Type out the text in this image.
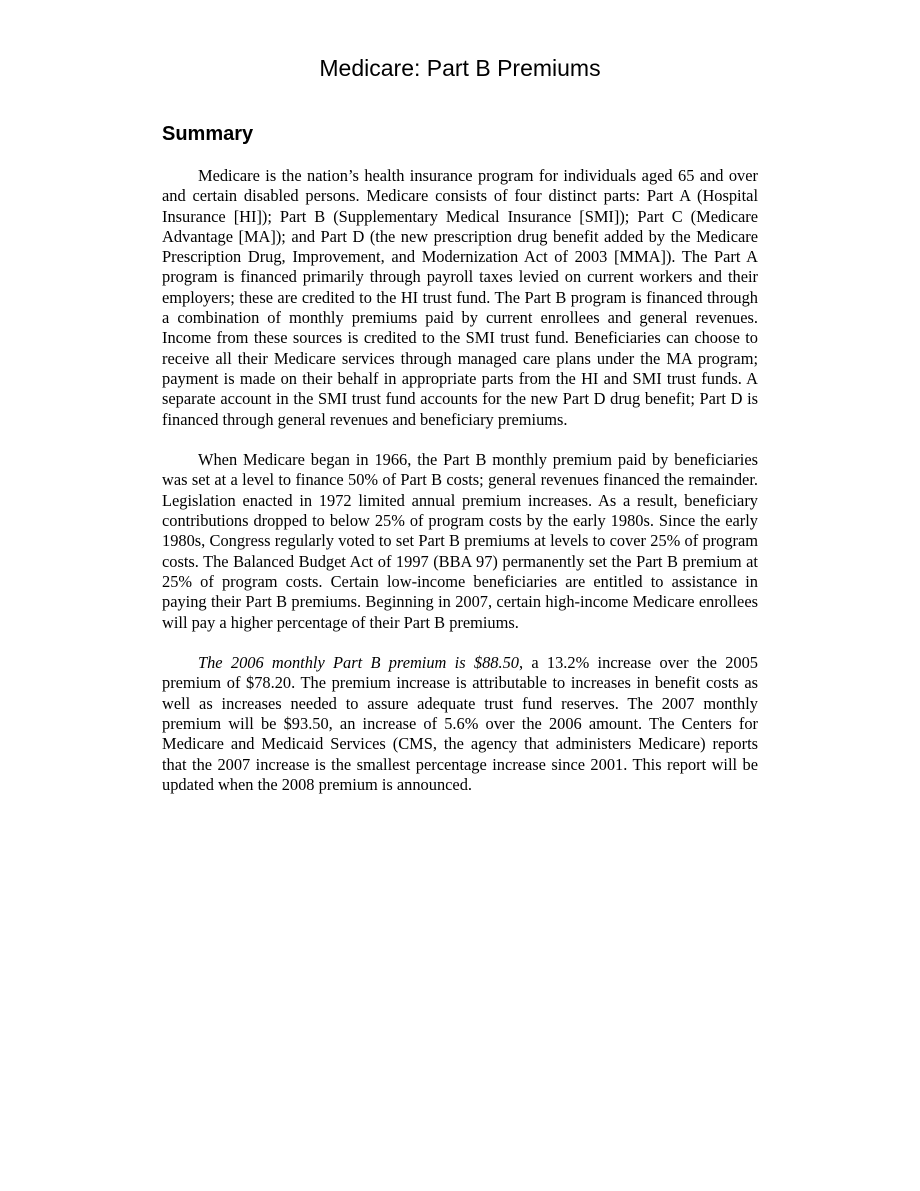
Medicare: Part B Premiums
Summary

Medicare is the nation’s health insurance program for individuals aged 65 and over and certain disabled persons. Medicare consists of four distinct parts: Part A (Hospital Insurance [HI]); Part B (Supplementary Medical Insurance [SMI]); Part C (Medicare Advantage [MA]); and Part D (the new prescription drug benefit added by the Medicare Prescription Drug, Improvement, and Modernization Act of 2003 [MMA]). The Part A program is financed primarily through payroll taxes levied on current workers and their employers; these are credited to the HI trust fund. The Part B program is financed through a combination of monthly premiums paid by current enrollees and general revenues. Income from these sources is credited to the SMI trust fund. Beneficiaries can choose to receive all their Medicare services through managed care plans under the MA program; payment is made on their behalf in appropriate parts from the HI and SMI trust funds. A separate account in the SMI trust fund accounts for the new Part D drug benefit; Part D is financed through general revenues and beneficiary premiums.

When Medicare began in 1966, the Part B monthly premium paid by beneficiaries was set at a level to finance 50% of Part B costs; general revenues financed the remainder. Legislation enacted in 1972 limited annual premium increases. As a result, beneficiary contributions dropped to below 25% of program costs by the early 1980s. Since the early 1980s, Congress regularly voted to set Part B premiums at levels to cover 25% of program costs. The Balanced Budget Act of 1997 (BBA 97) permanently set the Part B premium at 25% of program costs. Certain low-income beneficiaries are entitled to assistance in paying their Part B premiums. Beginning in 2007, certain high-income Medicare enrollees will pay a higher percentage of their Part B premiums.

The 2006 monthly Part B premium is $88.50, a 13.2% increase over the 2005 premium of $78.20. The premium increase is attributable to increases in benefit costs as well as increases needed to assure adequate trust fund reserves. The 2007 monthly premium will be $93.50, an increase of 5.6% over the 2006 amount. The Centers for Medicare and Medicaid Services (CMS, the agency that administers Medicare) reports that the 2007 increase is the smallest percentage increase since 2001. This report will be updated when the 2008 premium is announced.
